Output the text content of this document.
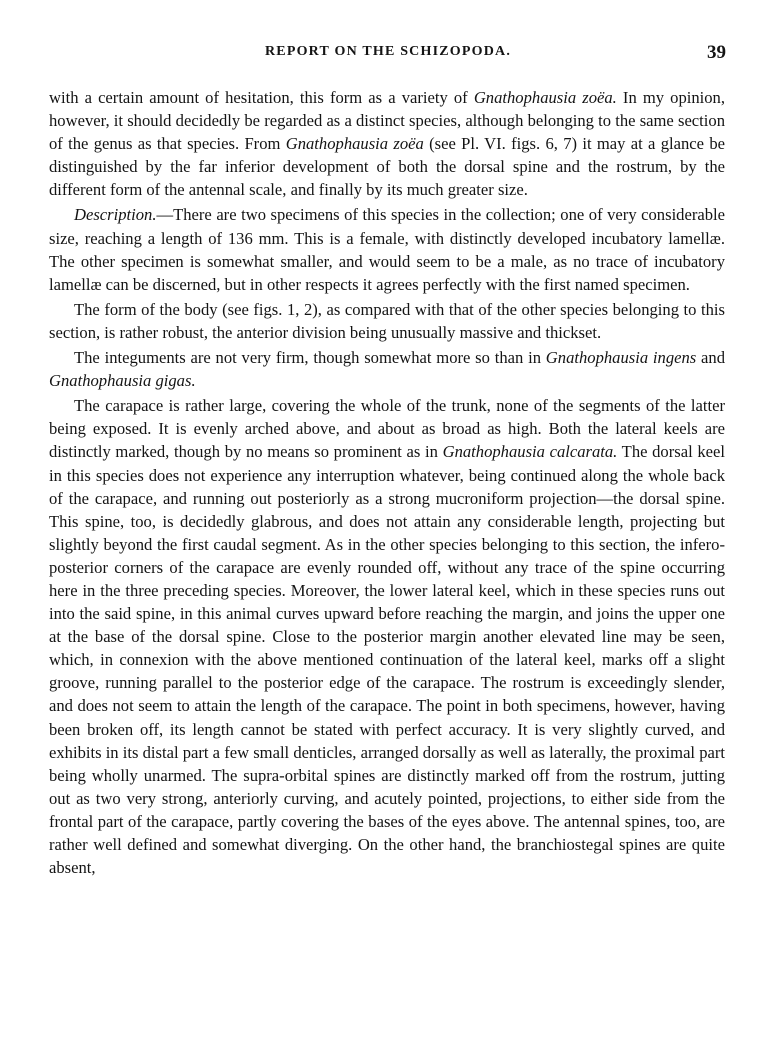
REPORT ON THE SCHIZOPODA.	39

with a certain amount of hesitation, this form as a variety of Gnathophausia zoëa. In my opinion, however, it should decidedly be regarded as a distinct species, although belonging to the same section of the genus as that species. From Gnathophausia zoëa (see Pl. VI. figs. 6, 7) it may at a glance be distinguished by the far inferior development of both the dorsal spine and the rostrum, by the different form of the antennal scale, and finally by its much greater size.

Description.—There are two specimens of this species in the collection; one of very considerable size, reaching a length of 136 mm. This is a female, with distinctly developed incubatory lamellæ. The other specimen is somewhat smaller, and would seem to be a male, as no trace of incubatory lamellæ can be discerned, but in other respects it agrees perfectly with the first named specimen.

The form of the body (see figs. 1, 2), as compared with that of the other species belonging to this section, is rather robust, the anterior division being unusually massive and thickset.

The integuments are not very firm, though somewhat more so than in Gnathophausia ingens and Gnathophausia gigas.

The carapace is rather large, covering the whole of the trunk, none of the segments of the latter being exposed. It is evenly arched above, and about as broad as high. Both the lateral keels are distinctly marked, though by no means so prominent as in Gnathophausia calcarata. The dorsal keel in this species does not experience any interruption whatever, being continued along the whole back of the carapace, and running out posteriorly as a strong mucroniform projection—the dorsal spine. This spine, too, is decidedly glabrous, and does not attain any considerable length, projecting but slightly beyond the first caudal segment. As in the other species belonging to this section, the infero-posterior corners of the carapace are evenly rounded off, without any trace of the spine occurring here in the three preceding species. Moreover, the lower lateral keel, which in these species runs out into the said spine, in this animal curves upward before reaching the margin, and joins the upper one at the base of the dorsal spine. Close to the posterior margin another elevated line may be seen, which, in connexion with the above mentioned continuation of the lateral keel, marks off a slight groove, running parallel to the posterior edge of the carapace. The rostrum is exceedingly slender, and does not seem to attain the length of the carapace. The point in both specimens, however, having been broken off, its length cannot be stated with perfect accuracy. It is very slightly curved, and exhibits in its distal part a few small denticles, arranged dorsally as well as laterally, the proximal part being wholly unarmed. The supra-orbital spines are distinctly marked off from the rostrum, jutting out as two very strong, anteriorly curving, and acutely pointed, projections, to either side from the frontal part of the carapace, partly covering the bases of the eyes above. The antennal spines, too, are rather well defined and somewhat diverging. On the other hand, the branchiostegal spines are quite absent,
